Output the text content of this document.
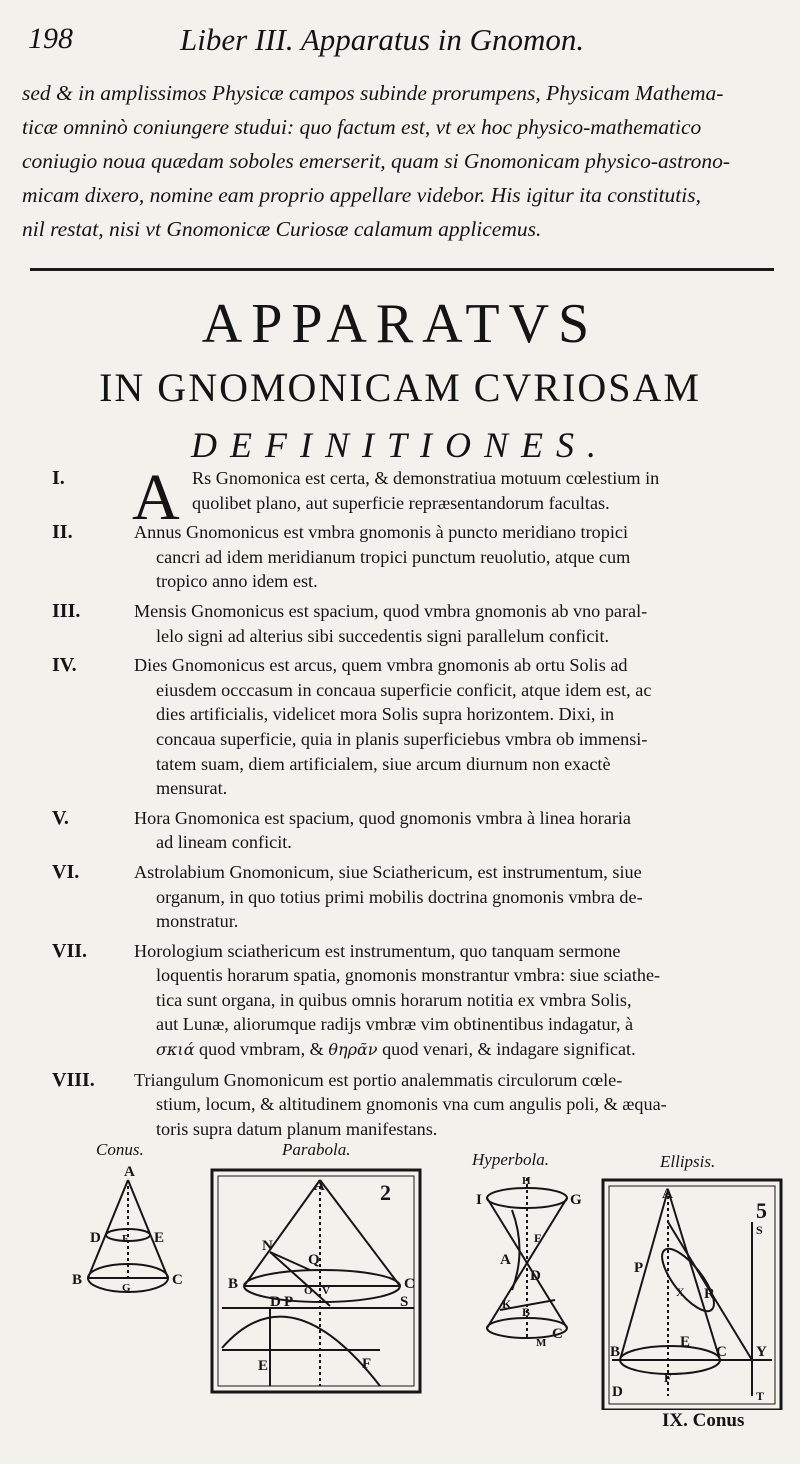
198	Liber III. Apparatus in Gnomon.
sed & in amplissimos Physicæ campos subinde prorumpens, Physicam Mathema-
ticæ omninò coniungere studui: quo factum est, vt ex hoc physico-mathematico
coniugio noua quædam soboles emerserit, quam si Gnomonicam physico-astrono-
micam dixero, nomine eam proprio appellare videbor. His igitur ita constitutis,
nil restat, nisi vt Gnomonicæ Curiosæ calamum applicemus.
APPARATVS
IN GNOMONICAM CVRIOSAM
DEFINITIONES.
I.	A Rs Gnomonica est certa, & demonstratiua motuum cœlestium in
quolibet plano, aut superficie repræsentandorum facultas.
II.	Annus Gnomonicus est vmbra gnomonis à puncto meridiano tropici
cancri ad idem meridianum tropici punctum reuolutio, atque cum
tropico anno idem est.
III.	Mensis Gnomonicus est spacium, quod vmbra gnomonis ab vno paral-
lelo signi ad alterius sibi succedentis signi parallelum conficit.
IV.	Dies Gnomonicus est arcus, quem vmbra gnomonis ab ortu Solis ad
eiusdem occcasum in concaua superficie conficit, atque idem est, ac
dies artificialis, videlicet mora Solis supra horizontem. Dixi, in
concaua superficie, quia in planis superficiebus vmbra ob immensi-
tatem suam, diem artificialem, siue arcum diurnum non exactè
mensurat.
V.	Hora Gnomonica est spacium, quod gnomonis vmbra à linea horaria
ad lineam conficit.
VI.	Astrolabium Gnomonicum, siue Sciathericum, est instrumentum, siue
organum, in quo totius primi mobilis doctrina gnomonis vmbra de-
monstratur.
VII.	Horologium sciathericum est instrumentum, quo tanquam sermone
loquentis horarum spatia, gnomonis monstrantur vmbra: siue sciathe-
tica sunt organa, in quibus omnis horarum notitia ex vmbra Solis,
aut Lunæ, aliorumque radijs vmbræ vim obtinentibus indagatur, à
σκιά quod vmbram, & θηρᾶν quod venari, & indagare significat.
VIII.	Triangulum Gnomonicum est portio analemmatis circulorum cœle-
stium, locum, & altitudinem gnomonis vna cum angulis poli, & æqua-
toris supra datum planum manifestans.
Conus.	Parabola.
Hyperbola.	Ellipsis.
A
D F E
B	G	C
A	2
N
Q
B	O V	C
D P	S
E	F
H
I	G
E
A
D
K
B
C
M
A
5
P
X R
S
B
E
C Y
F
D	T
IX. Conus
